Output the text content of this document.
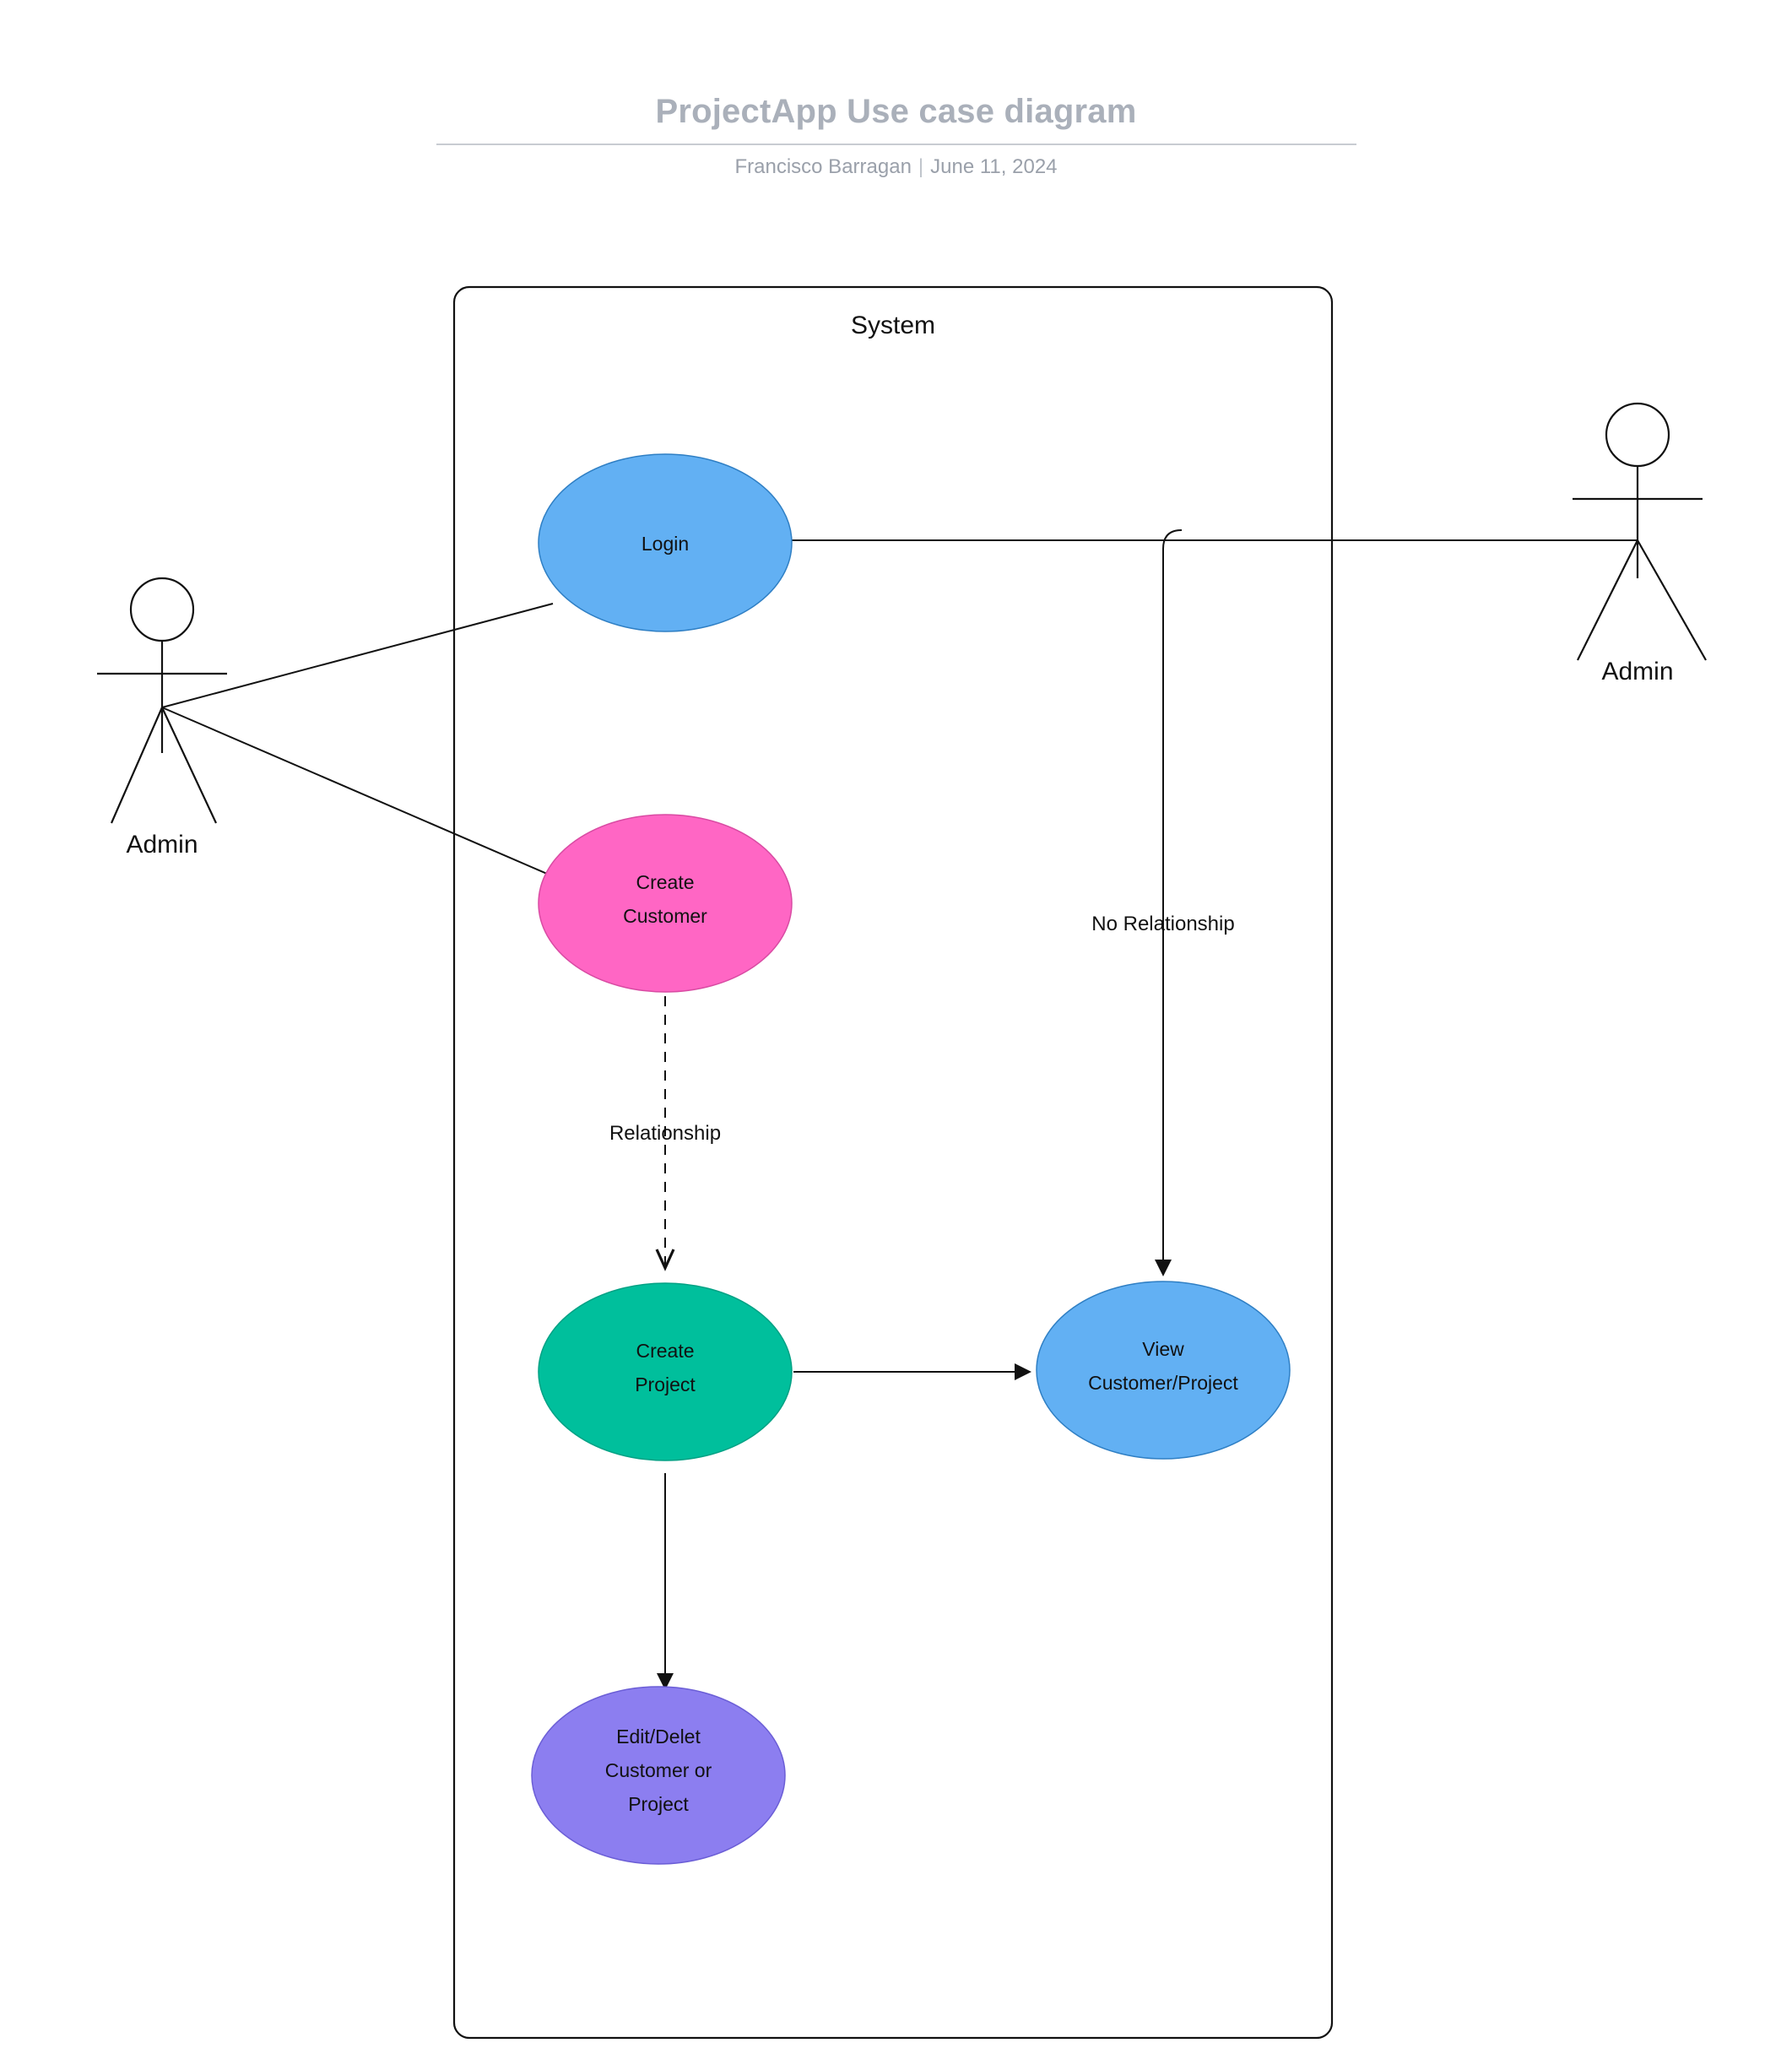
ProjectApp Use case diagram
Francisco Barragan | June 11, 2024
System
Admin
Admin
Login
Create
Customer
Create
Project
View
Customer/Project
Edit/Delet
Customer or
Project
No Relationship
Relationship
